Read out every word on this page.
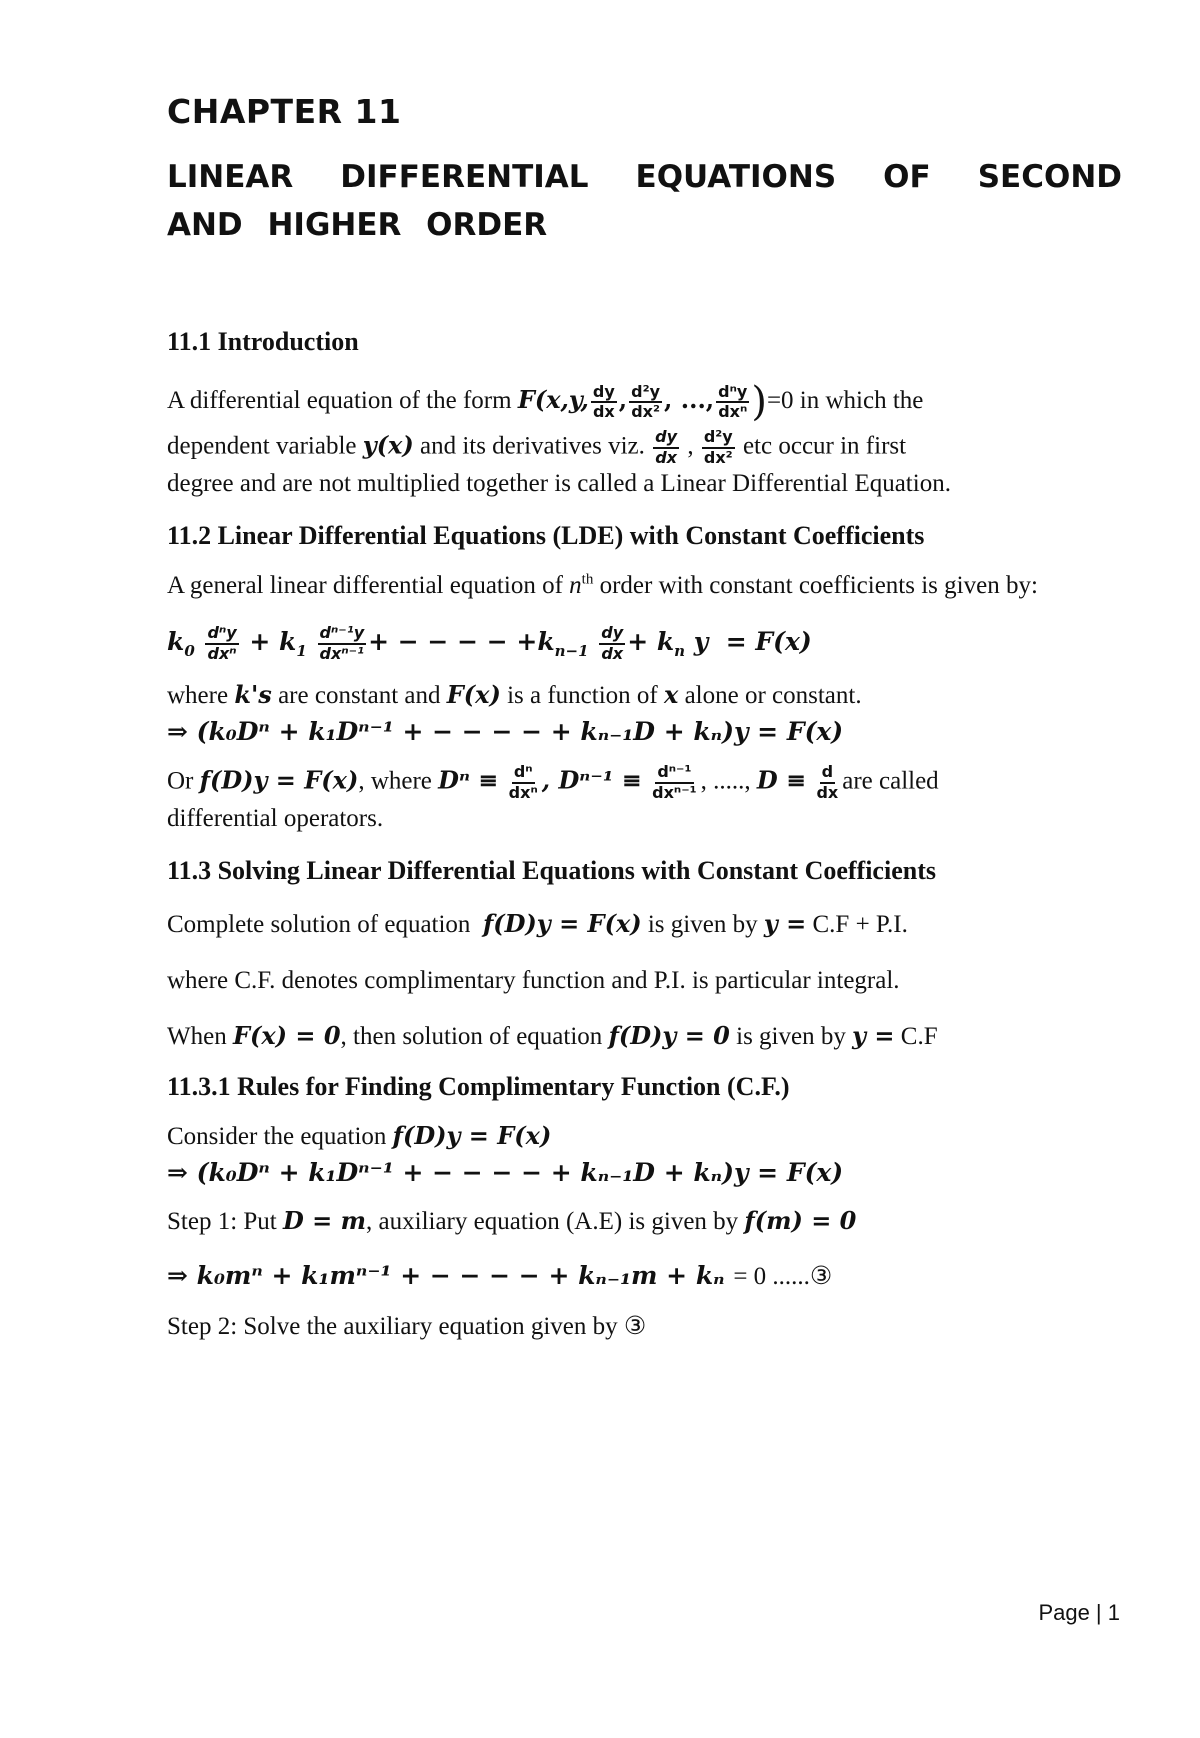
CHAPTER 11
LINEAR DIFFERENTIAL EQUATIONS OF SECOND AND HIGHER ORDER
11.1 Introduction

A differential equation of the form F(x,y, $\frac{dy}{dx}$ , $\frac{\text{d²y}}{\text{dx²}}$ , ..., $\frac{\text{dⁿy}}{\text{dxⁿ}} )=0$ in which the
dependent variable y(x) and its derivatives viz. $\frac{dy}{dx}$ , $\frac{\text{d²y}}{\text{dx²}}$ etc occur in first
degree and are not multiplied together is called a Linear Differential Equation.

11.2 Linear Differential Equations (LDE) with Constant Coefficients

A general linear differential equation of $n^{th}$ order with constant coefficients is given by:

$k_0 \frac{\text{dⁿy}}{\text{dxⁿ}} + k_1 \frac{\text{dⁿ⁻¹y}}{\text{dxⁿ⁻¹}}$ + − − − − $+k_{n-1} \frac{dy}{dx} + k_n$ y  = F(x)

where k's are constant and F(x) is a function of x alone or constant.

⇒ (k₀Dⁿ + k₁Dⁿ⁻¹ + − − − − + kₙ₋₁D + kₙ)y = F(x)

Or f(D)y = F(x), where $D^n \equiv \frac{\text{dⁿ}}{\text{dxⁿ}}$ , $D^{n-1} \equiv \frac{\text{dⁿ⁻¹}}{\text{dxⁿ⁻¹}}$ , ....., $D \equiv \frac{d}{dx}$ are called
differential operators.

11.3 Solving Linear Differential Equations with Constant Coefficients

Complete solution of equation f(D)y = F(x) is given by y = C.F + P.I.

where C.F. denotes complimentary function and P.I. is particular integral.

When F(x) = 0, then solution of equation f(D)y = 0 is given by y = C.F

11.3.1 Rules for Finding Complimentary Function (C.F.)

Consider the equation f(D)y = F(x)

⇒ (k₀Dⁿ + k₁Dⁿ⁻¹ + − − − − + kₙ₋₁D + kₙ)y = F(x)

Step 1: Put D = m, auxiliary equation (A.E) is given by f(m) = 0

⇒ k₀mⁿ + k₁mⁿ⁻¹ + − − − − + kₙ₋₁m + kₙ = 0 ......③

Step 2: Solve the auxiliary equation given by ③

Page | 1
